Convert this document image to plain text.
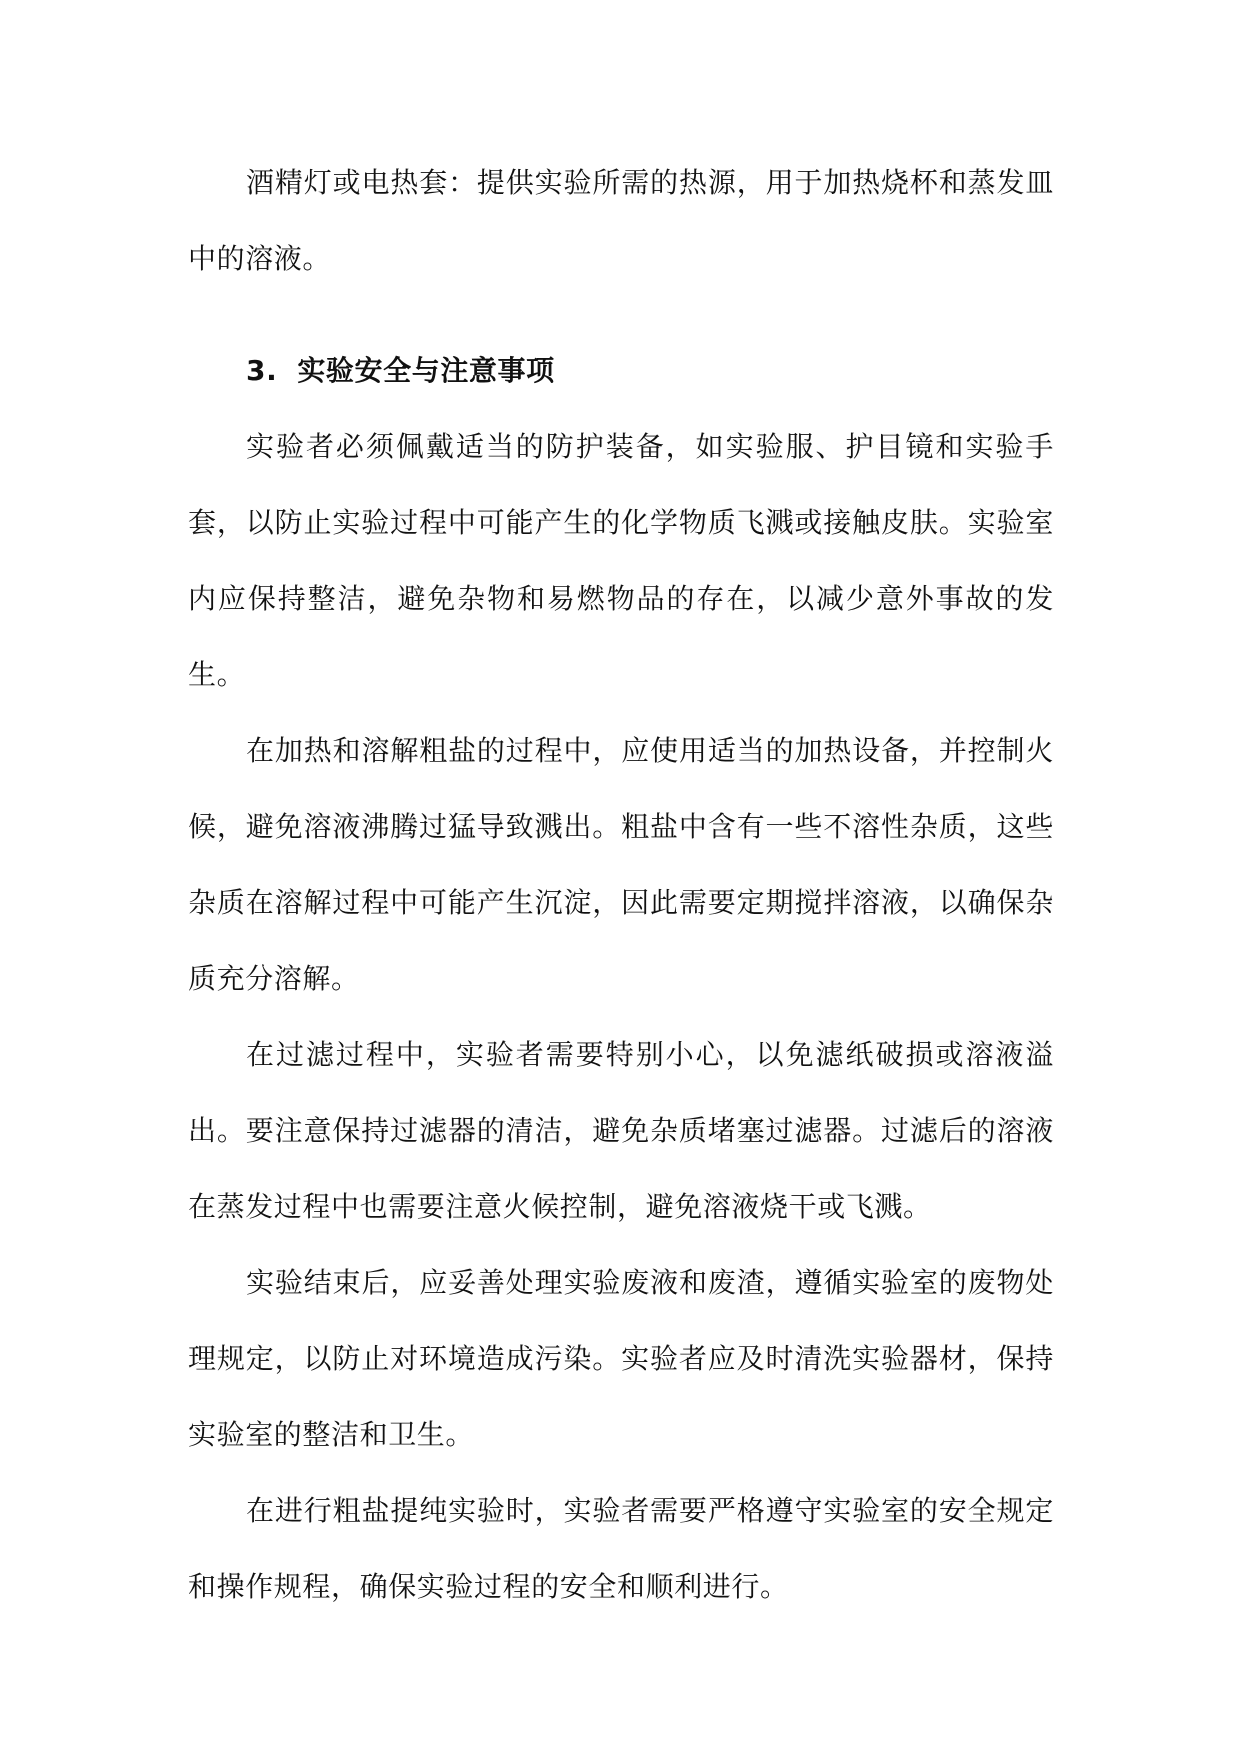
酒精灯或电热套：提供实验所需的热源，用于加热烧杯和蒸发皿中的溶液。

3. 实验安全与注意事项

实验者必须佩戴适当的防护装备，如实验服、护目镜和实验手套，以防止实验过程中可能产生的化学物质飞溅或接触皮肤。实验室内应保持整洁，避免杂物和易燃物品的存在，以减少意外事故的发生。

在加热和溶解粗盐的过程中，应使用适当的加热设备，并控制火候，避免溶液沸腾过猛导致溅出。粗盐中含有一些不溶性杂质，这些杂质在溶解过程中可能产生沉淀，因此需要定期搅拌溶液，以确保杂质充分溶解。

在过滤过程中，实验者需要特别小心，以免滤纸破损或溶液溢出。要注意保持过滤器的清洁，避免杂质堵塞过滤器。过滤后的溶液在蒸发过程中也需要注意火候控制，避免溶液烧干或飞溅。

实验结束后，应妥善处理实验废液和废渣，遵循实验室的废物处理规定，以防止对环境造成污染。实验者应及时清洗实验器材，保持实验室的整洁和卫生。

在进行粗盐提纯实验时，实验者需要严格遵守实验室的安全规定和操作规程，确保实验过程的安全和顺利进行。
